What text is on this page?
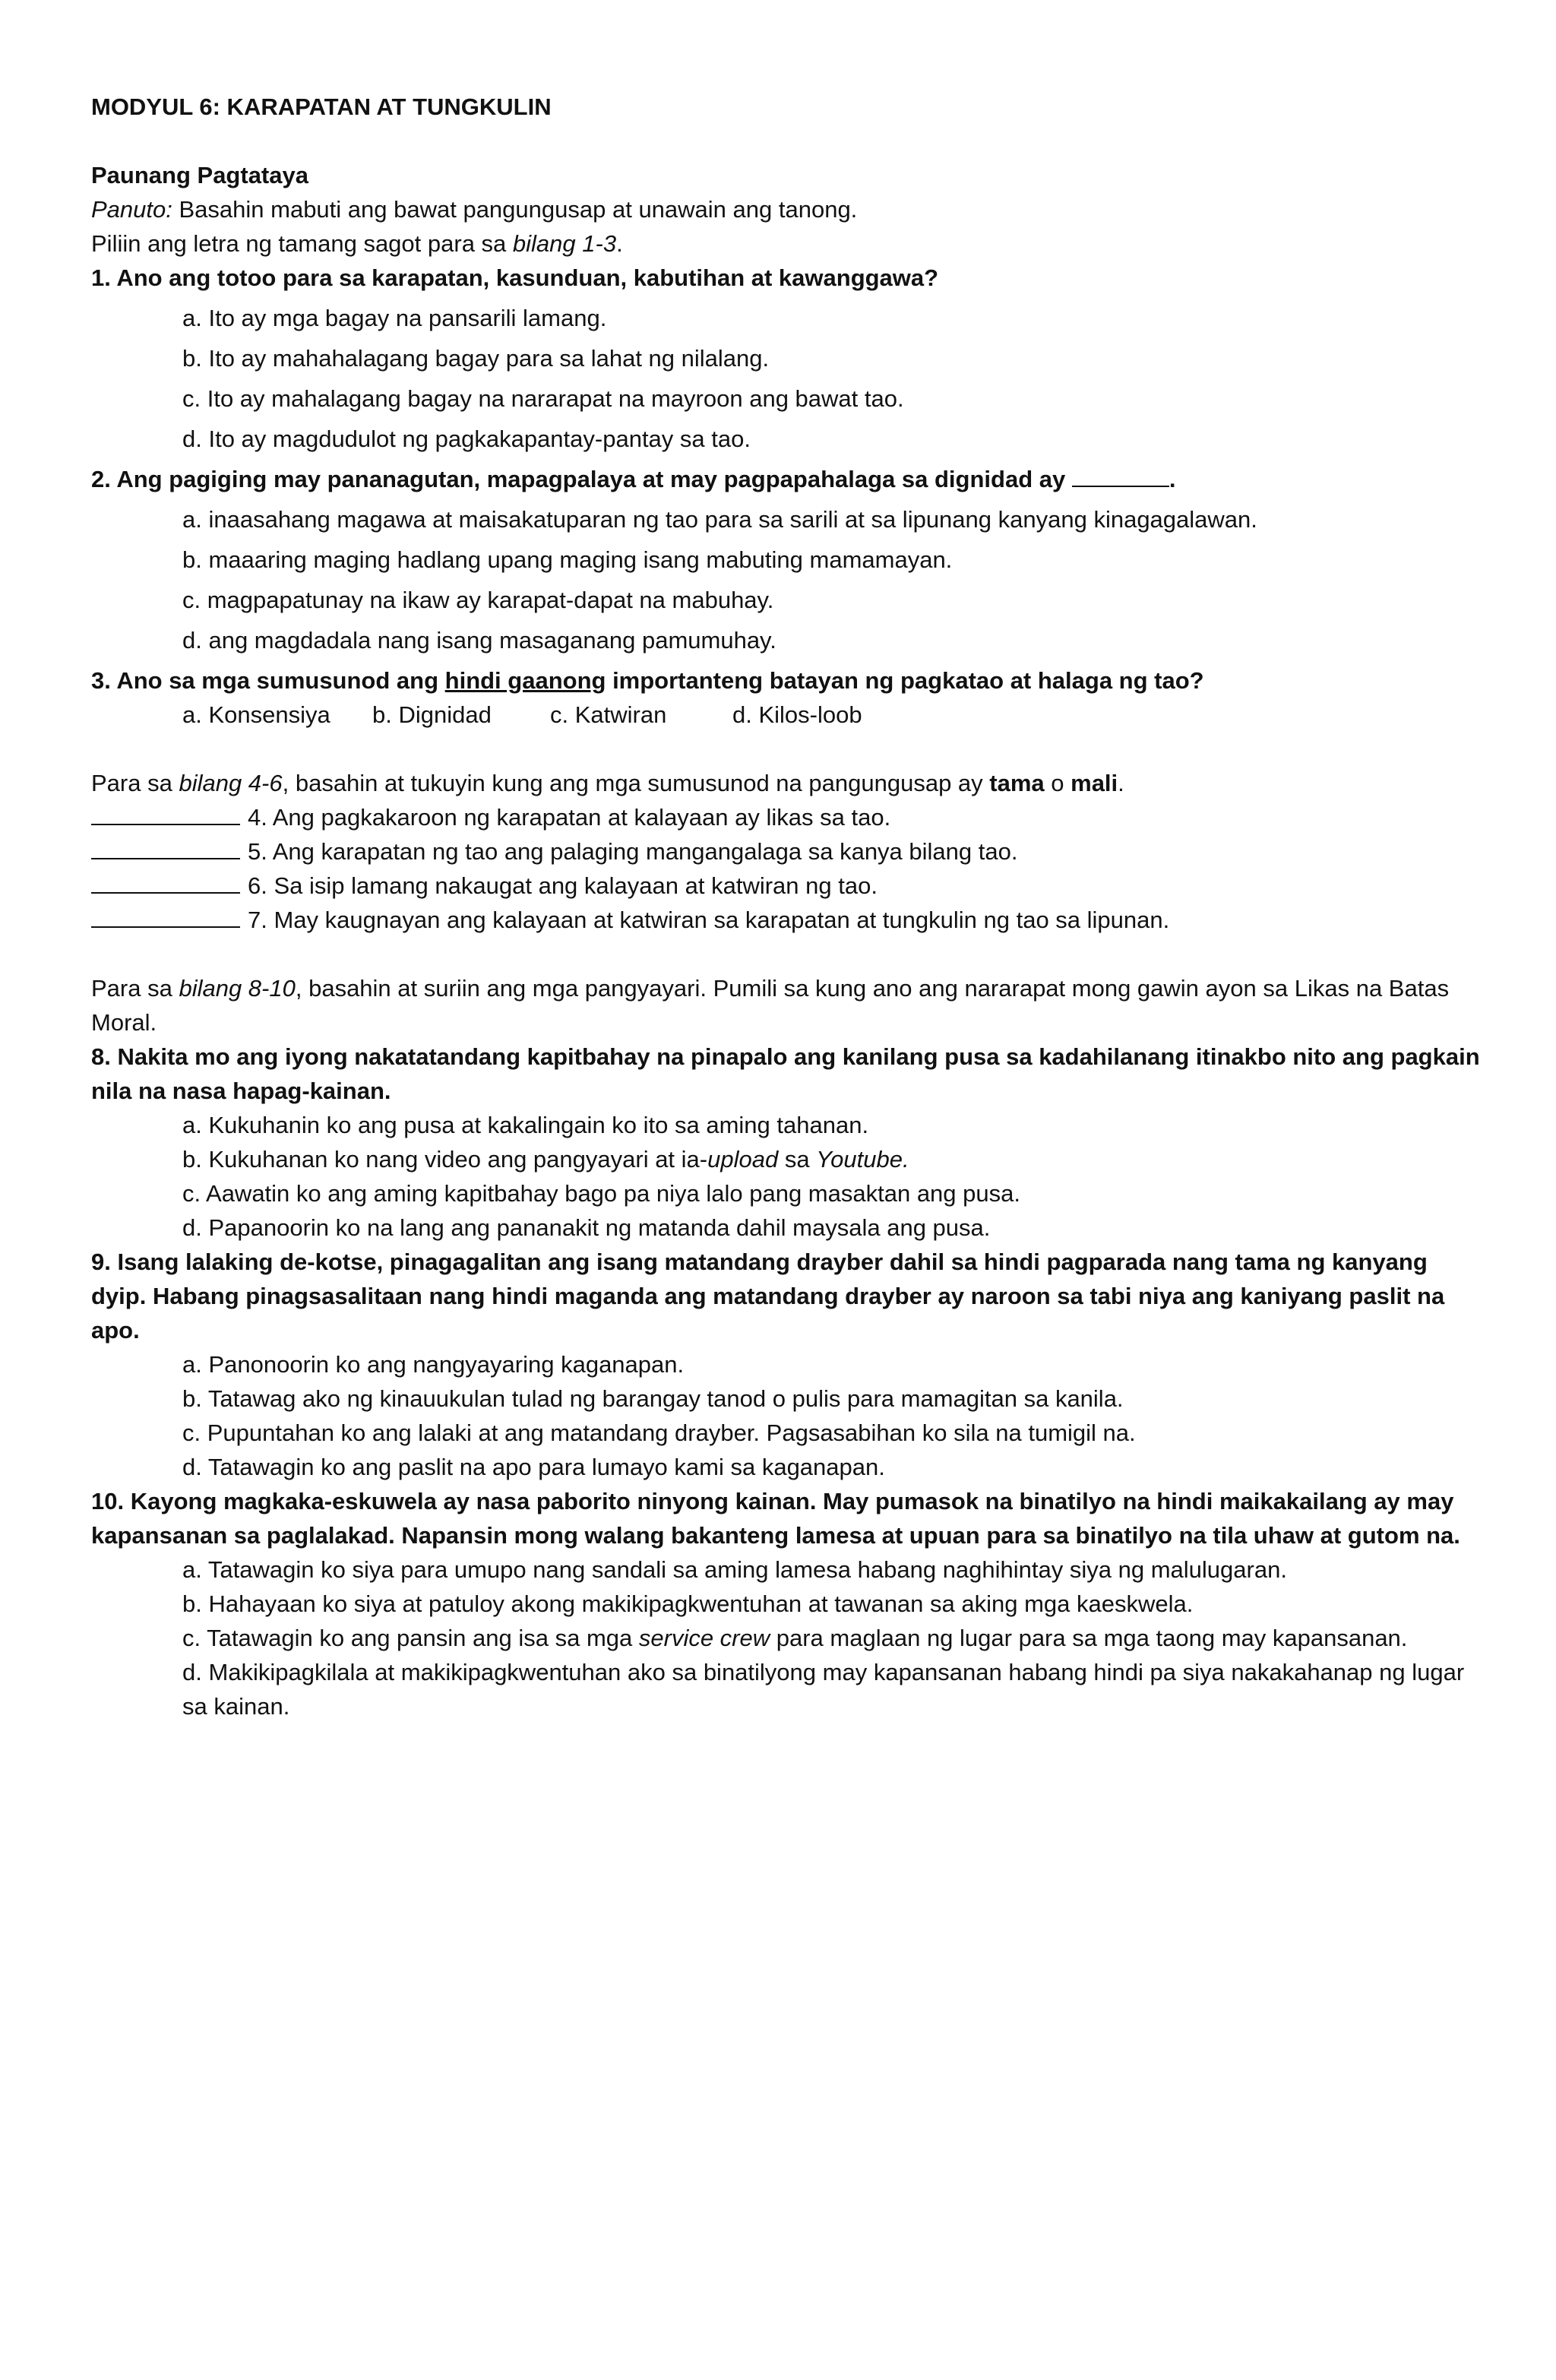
MODYUL 6: KARAPATAN AT TUNGKULIN
Paunang Pagtataya
Panuto: Basahin mabuti ang bawat pangungusap at unawain ang tanong.
Piliin ang letra ng tamang sagot para sa bilang 1-3.
1. Ano ang totoo para sa karapatan, kasunduan, kabutihan at kawanggawa?
a. Ito ay mga bagay na pansarili lamang.
b. Ito ay mahahalagang bagay para sa lahat ng nilalang.
c. Ito ay mahalagang bagay na nararapat na mayroon ang bawat tao.
d. Ito ay magdudulot ng pagkakapantay-pantay sa tao.
2. Ang pagiging may pananagutan, mapagpalaya at may pagpapahalaga sa dignidad ay	.
a. inaasahang magawa at maisakatuparan ng tao para sa sarili at sa lipunang kanyang kinagagalawan.
b. maaaring maging hadlang upang maging isang mabuting mamamayan.
c. magpapatunay na ikaw ay karapat-dapat na mabuhay.
d. ang magdadala nang isang masaganang pamumuhay.
3. Ano sa mga sumusunod ang hindi gaanong importanteng batayan ng pagkatao at halaga ng tao?
a. Konsensiya b. Dignidad c. Katwiran	d. Kilos-loob
Para sa bilang 4-6, basahin at tukuyin kung ang mga sumusunod na pangungusap ay tama o mali.
4. Ang pagkakaroon ng karapatan at kalayaan ay likas sa tao.
5. Ang karapatan ng tao ang palaging mangangalaga sa kanya bilang tao.
6. Sa isip lamang nakaugat ang kalayaan at katwiran ng tao.
7. May kaugnayan ang kalayaan at katwiran sa karapatan at tungkulin ng tao sa lipunan.
Para sa bilang 8-10, basahin at suriin ang mga pangyayari. Pumili sa kung ano ang nararapat mong gawin ayon sa Likas na Batas Moral.
8. Nakita mo ang iyong nakatatandang kapitbahay na pinapalo ang kanilang pusa sa kadahilanang itinakbo nito ang pagkain nila na nasa hapag-kainan.
a. Kukuhanin ko ang pusa at kakalingain ko ito sa aming tahanan.
b. Kukuhanan ko nang video ang pangyayari at ia-upload sa Youtube.
c. Aawatin ko ang aming kapitbahay bago pa niya lalo pang masaktan ang pusa.
d. Papanoorin ko na lang ang pananakit ng matanda dahil maysala ang pusa.
9. Isang lalaking de-kotse, pinagagalitan ang isang matandang drayber dahil sa hindi pagparada nang tama ng kanyang dyip. Habang pinagsasalitaan nang hindi maganda ang matandang drayber ay naroon sa tabi niya ang kaniyang paslit na apo.
a. Panonoorin ko ang nangyayaring kaganapan.
b. Tatawag ako ng kinauukulan tulad ng barangay tanod o pulis para mamagitan sa kanila.
c. Pupuntahan ko ang lalaki at ang matandang drayber. Pagsasabihan ko sila na tumigil na.
d. Tatawagin ko ang paslit na apo para lumayo kami sa kaganapan.
10. Kayong magkaka-eskuwela ay nasa paborito ninyong kainan. May pumasok na binatilyo na hindi maikakailang ay may kapansanan sa paglalakad. Napansin mong walang bakanteng lamesa at upuan para sa binatilyo na tila uhaw at gutom na.
a. Tatawagin ko siya para umupo nang sandali sa aming lamesa habang naghihintay siya ng malulugaran.
b. Hahayaan ko siya at patuloy akong makikipagkwentuhan at tawanan sa aking mga kaeskwela.
c. Tatawagin ko ang pansin ang isa sa mga service crew para maglaan ng lugar para sa mga taong may kapansanan.
d. Makikipagkilala at makikipagkwentuhan ako sa binatilyong may kapansanan habang hindi pa siya nakakahanap ng lugar sa kainan.
